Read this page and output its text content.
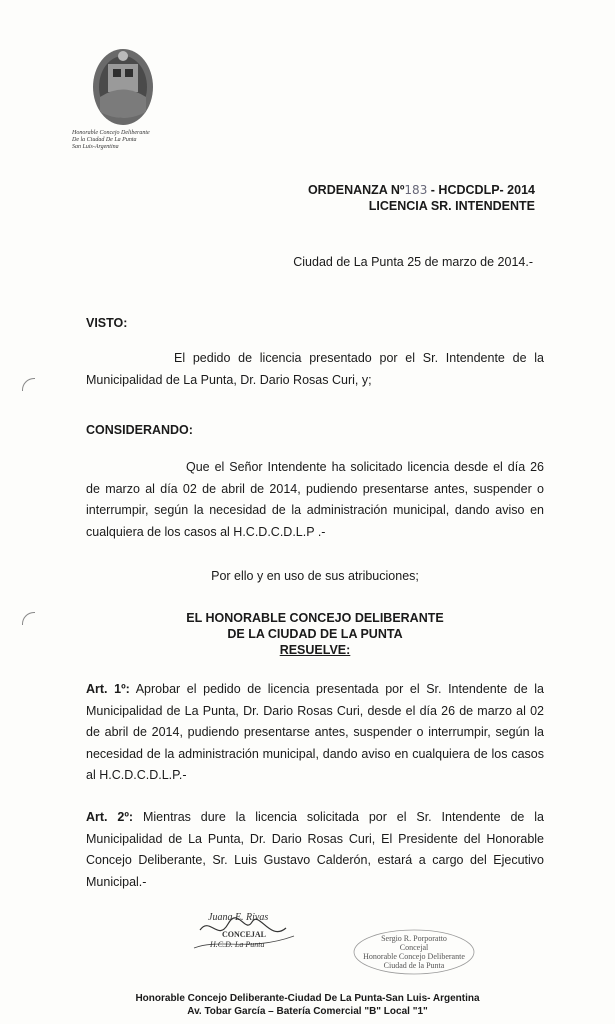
Honorable Concejo Deliberante
De la Ciudad De La Punta
San Luis-Argentina
ORDENANZA Nº183 - HCDCDLP- 2014
LICENCIA SR. INTENDENTE
Ciudad de La Punta 25 de marzo de 2014.-
VISTO:
El pedido de licencia presentado por el Sr. Intendente de la Municipalidad de La Punta, Dr. Dario Rosas Curi, y;
CONSIDERANDO:
Que el Señor Intendente ha solicitado licencia desde el día 26 de marzo al día 02 de abril de 2014, pudiendo presentarse antes, suspender o interrumpir, según la necesidad de la administración municipal, dando aviso en cualquiera de los casos al H.C.D.C.D.L.P .-
Por ello y en uso de sus atribuciones;
EL HONORABLE CONCEJO DELIBERANTE
DE LA CIUDAD DE LA PUNTA
RESUELVE:
Art. 1º: Aprobar el pedido de licencia presentada por el Sr. Intendente de la Municipalidad de La Punta, Dr. Dario Rosas Curi, desde el día 26 de marzo al 02 de abril de 2014, pudiendo presentarse antes, suspender o interrumpir, según la necesidad de la administración municipal, dando aviso en cualquiera de los casos al H.C.D.C.D.L.P.-
Art. 2º: Mientras dure la licencia solicitada por el Sr. Intendente de la Municipalidad de La Punta, Dr. Dario Rosas Curi, El Presidente del Honorable Concejo Deliberante, Sr. Luis Gustavo Calderón, estará a cargo del Ejecutivo Municipal.-
Juana E. Rivas
CONCEJAL
H.C.D. La Punta
Sergio R. Porporatto
Concejal
Honorable Concejo Deliberante
Ciudad de la Punta
Honorable Concejo Deliberante-Ciudad De La Punta-San Luis- Argentina
Av. Tobar García – Batería Comercial "B" Local "1"
